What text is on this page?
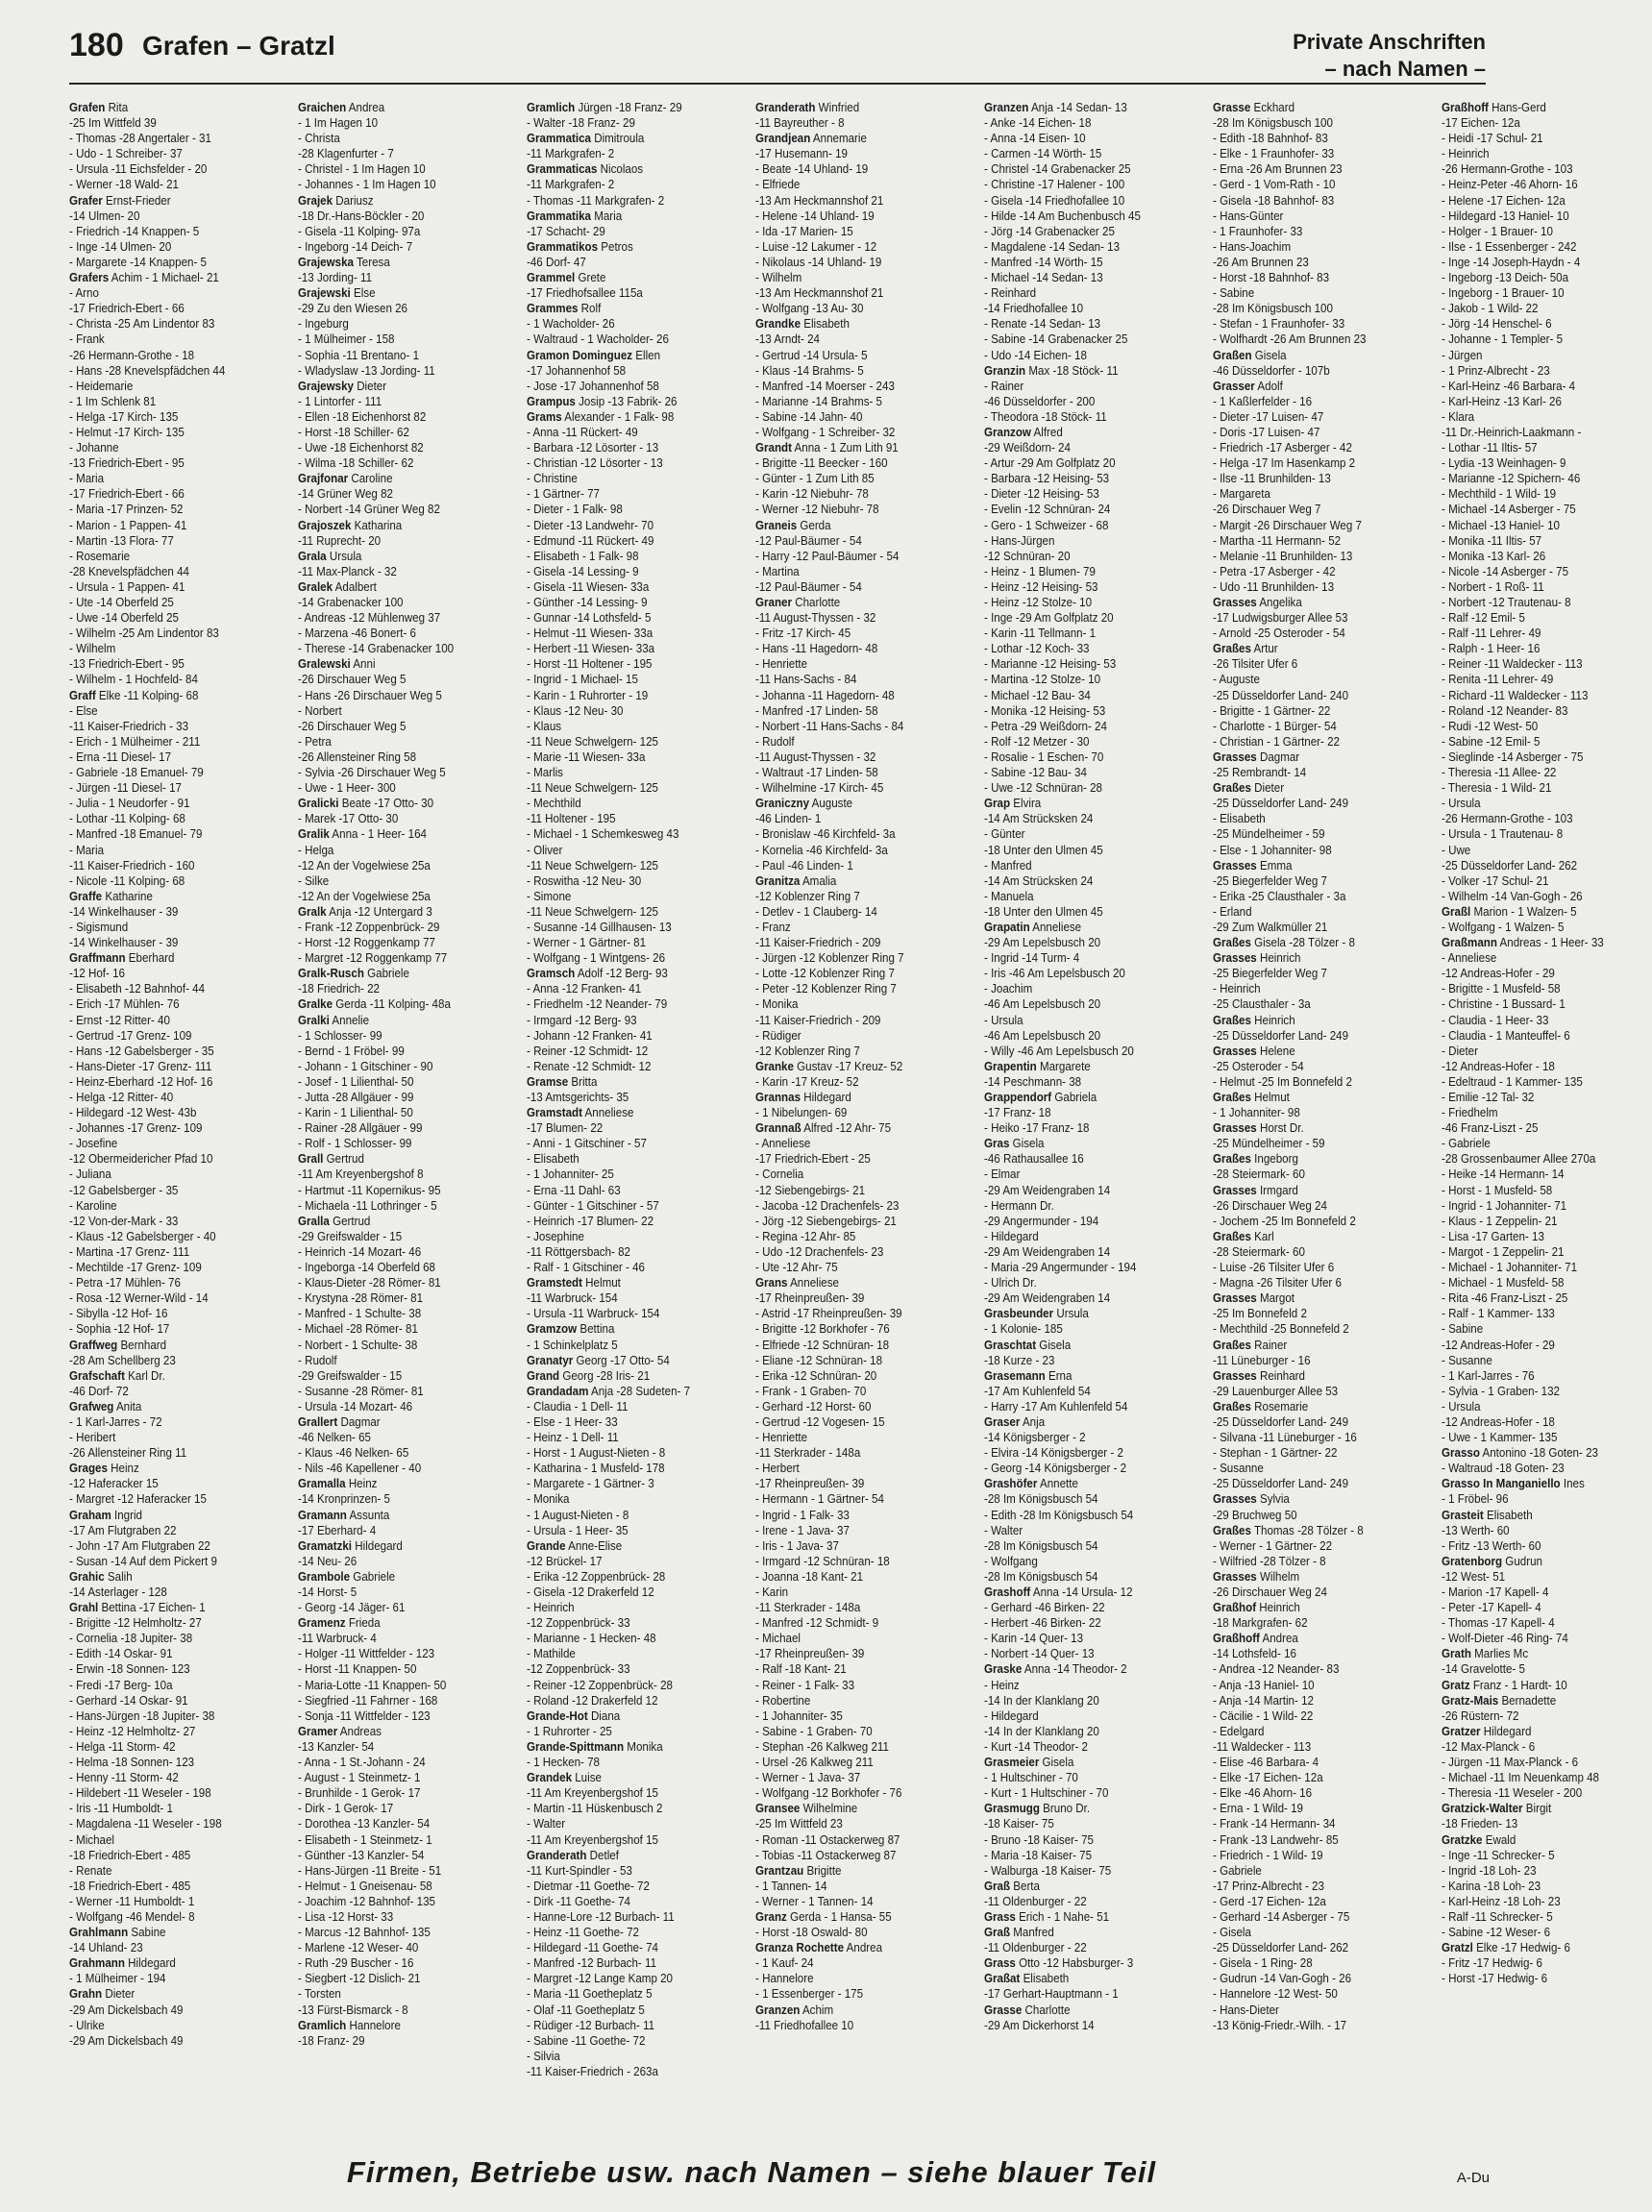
180 Grafen – Gratzl	Private Anschriften
– nach Namen –
Grafen Rita
-25 Im Wittfeld 39
- Thomas -28 Angertaler - 31
- Udo - 1 Schreiber- 37
- Ursula -11 Eichsfelder - 20
- Werner -18 Wald- 21
Grafer Ernst-Frieder
-14 Ulmen- 20
- Friedrich -14 Knappen- 5
- Inge -14 Ulmen- 20
- Margarete -14 Knappen- 5
Grafers Achim - 1 Michael- 21
- Arno
-17 Friedrich-Ebert - 66
- Christa -25 Am Lindentor 83
- Frank
-26 Hermann-Grothe - 18
- Hans -28 Knevelspfädchen 44
- Heidemarie
- 1 Im Schlenk 81
- Helga -17 Kirch- 135
- Helmut -17 Kirch- 135
- Johanne
-13 Friedrich-Ebert - 95
- Maria
-17 Friedrich-Ebert - 66
- Maria -17 Prinzen- 52
- Marion - 1 Pappen- 41
- Martin -13 Flora- 77
- Rosemarie
-28 Knevelspfädchen 44
- Ursula - 1 Pappen- 41
- Ute -14 Oberfeld 25
- Uwe -14 Oberfeld 25
- Wilhelm -25 Am Lindentor 83
- Wilhelm
-13 Friedrich-Ebert - 95
- Wilhelm - 1 Hochfeld- 84
Graff Elke -11 Kolping- 68
- Else
-11 Kaiser-Friedrich - 33
- Erich - 1 Mülheimer - 211
- Erna -11 Diesel- 17
- Gabriele -18 Emanuel- 79
- Jürgen -11 Diesel- 17
- Julia - 1 Neudorfer - 91
- Lothar -11 Kolping- 68
- Manfred -18 Emanuel- 79
- Maria
-11 Kaiser-Friedrich - 160
- Nicole -11 Kolping- 68
Graffe Katharine
-14 Winkelhauser - 39
- Sigismund
-14 Winkelhauser - 39
Graffmann Eberhard
-12 Hof- 16
- Elisabeth -12 Bahnhof- 44
- Erich -17 Mühlen- 76
- Ernst -12 Ritter- 40
- Gertrud -17 Grenz- 109
- Hans -12 Gabelsberger - 35
- Hans-Dieter -17 Grenz- 111
- Heinz-Eberhard -12 Hof- 16
- Helga -12 Ritter- 40
- Hildegard -12 West- 43b
- Johannes -17 Grenz- 109
- Josefine
-12 Obermeidericher Pfad 10
- Juliana
-12 Gabelsberger - 35
- Karoline
-12 Von-der-Mark - 33
- Klaus -12 Gabelsberger - 40
- Martina -17 Grenz- 111
- Mechtilde -17 Grenz- 109
- Petra -17 Mühlen- 76
- Rosa -12 Werner-Wild - 14
- Sibylla -12 Hof- 16
- Sophia -12 Hof- 17
Graffweg Bernhard
-28 Am Schellberg 23
Grafschaft Karl Dr.
-46 Dorf- 72
Grafweg Anita
- 1 Karl-Jarres - 72
- Heribert
-26 Allensteiner Ring 11
Grages Heinz
-12 Haferacker 15
- Margret -12 Haferacker 15
Graham Ingrid
-17 Am Flutgraben 22
- John -17 Am Flutgraben 22
- Susan -14 Auf dem Pickert 9
Grahic Salih
-14 Asterlager - 128
Grahl Bettina -17 Eichen- 1
- Brigitte -12 Helmholtz- 27
- Cornelia -18 Jupiter- 38
- Edith -14 Oskar- 91
- Erwin -18 Sonnen- 123
- Fredi -17 Berg- 10a
- Gerhard -14 Oskar- 91
- Hans-Jürgen -18 Jupiter- 38
- Heinz -12 Helmholtz- 27
- Helga -11 Storm- 42
- Helma -18 Sonnen- 123
- Henny -11 Storm- 42
- Hildebert -11 Weseler - 198
- Iris -11 Humboldt- 1
- Magdalena -11 Weseler - 198
- Michael
-18 Friedrich-Ebert - 485
- Renate
-18 Friedrich-Ebert - 485
- Werner -11 Humboldt- 1
- Wolfgang -46 Mendel- 8
Grahlmann Sabine
-14 Uhland- 23
Grahmann Hildegard
- 1 Mülheimer - 194
Grahn Dieter
-29 Am Dickelsbach 49
- Ulrike
-29 Am Dickelsbach 49
Graichen Andrea
- 1 Im Hagen 10
- Christa
-28 Klagenfurter - 7
- Christel - 1 Im Hagen 10
- Johannes - 1 Im Hagen 10
Grajek Dariusz
-18 Dr.-Hans-Böckler - 20
- Gisela -11 Kolping- 97a
- Ingeborg -14 Deich- 7
Grajewska Teresa
-13 Jording- 11
Grajewski Else
-29 Zu den Wiesen 26
- Ingeburg
- 1 Mülheimer - 158
- Sophia -11 Brentano- 1
- Wladyslaw -13 Jording- 11
Grajewsky Dieter
- 1 Lintorfer - 111
- Ellen -18 Eichenhorst 82
- Horst -18 Schiller- 62
- Uwe -18 Eichenhorst 82
- Wilma -18 Schiller- 62
Grajfonar Caroline
-14 Grüner Weg 82
- Norbert -14 Grüner Weg 82
Grajoszek Katharina
-11 Ruprecht- 20
Grala Ursula
-11 Max-Planck - 32
Gralek Adalbert
-14 Grabenacker 100
- Andreas -12 Mühlenweg 37
- Marzena -46 Bonert- 6
- Therese -14 Grabenacker 100
Gralewski Anni
-26 Dirschauer Weg 5
- Hans -26 Dirschauer Weg 5
- Norbert
-26 Dirschauer Weg 5
- Petra
-26 Allensteiner Ring 58
- Sylvia -26 Dirschauer Weg 5
- Uwe - 1 Heer- 300
Gralicki Beate -17 Otto- 30
- Marek -17 Otto- 30
Gralik Anna - 1 Heer- 164
- Helga
-12 An der Vogelwiese 25a
- Silke
-12 An der Vogelwiese 25a
Gralk Anja -12 Untergard 3
- Frank -12 Zoppenbrück- 29
- Horst -12 Roggenkamp 77
- Margret -12 Roggenkamp 77
Gralk-Rusch Gabriele
-18 Friedrich- 22
Gralke Gerda -11 Kolping- 48a
Gralki Annelie
- 1 Schlosser- 99
- Bernd - 1 Fröbel- 99
- Johann - 1 Gitschiner - 90
- Josef - 1 Lilienthal- 50
- Jutta -28 Allgäuer - 99
- Karin - 1 Lilienthal- 50
- Rainer -28 Allgäuer - 99
- Rolf - 1 Schlosser- 99
Grall Gertrud
-11 Am Kreyenbergshof 8
- Hartmut -11 Kopernikus- 95
- Michaela -11 Lothringer - 5
Gralla Gertrud
-29 Greifswalder - 15
- Heinrich -14 Mozart- 46
- Ingeborga -14 Oberfeld 68
- Klaus-Dieter -28 Römer- 81
- Krystyna -28 Römer- 81
- Manfred - 1 Schulte- 38
- Michael -28 Römer- 81
- Norbert - 1 Schulte- 38
- Rudolf
-29 Greifswalder - 15
- Susanne -28 Römer- 81
- Ursula -14 Mozart- 46
Grallert Dagmar
-46 Nelken- 65
- Klaus -46 Nelken- 65
- Nils -46 Kapellener - 40
Gramalla Heinz
-14 Kronprinzen- 5
Gramann Assunta
-17 Eberhard- 4
Gramatzki Hildegard
-14 Neu- 26
Grambole Gabriele
-14 Horst- 5
- Georg -14 Jäger- 61
Gramenz Frieda
-11 Warbruck- 4
- Holger -11 Wittfelder - 123
- Horst -11 Knappen- 50
- Maria-Lotte -11 Knappen- 50
- Siegfried -11 Fahrner - 168
- Sonja -11 Wittfelder - 123
Gramer Andreas
-13 Kanzler- 54
- Anna - 1 St.-Johann - 24
- August - 1 Steinmetz- 1
- Brunhilde - 1 Gerok- 17
- Dirk - 1 Gerok- 17
- Dorothea -13 Kanzler- 54
- Elisabeth - 1 Steinmetz- 1
- Günther -13 Kanzler- 54
- Hans-Jürgen -11 Breite - 51
- Helmut - 1 Gneisenau- 58
- Joachim -12 Bahnhof- 135
- Lisa -12 Horst- 33
- Marcus -12 Bahnhof- 135
- Marlene -12 Weser- 40
- Ruth -29 Buscher - 16
- Siegbert -12 Dislich- 21
- Torsten
-13 Fürst-Bismarck - 8
Gramlich Hannelore
-18 Franz- 29
Gramlich Jürgen -18 Franz- 29
- Walter -18 Franz- 29
Grammatica Dimitroula
-11 Markgrafen- 2
Grammaticas Nicolaos
-11 Markgrafen- 2
- Thomas -11 Markgrafen- 2
Grammatika Maria
-17 Schacht- 29
Grammatikos Petros
-46 Dorf- 47
Grammel Grete
-17 Friedhofsallee 115a
Grammes Rolf
- 1 Wacholder- 26
- Waltraud - 1 Wacholder- 26
Gramon Dominguez Ellen
-17 Johannenhof 58
- Jose -17 Johannenhof 58
Grampus Josip -13 Fabrik- 26
Grams Alexander - 1 Falk- 98
- Anna -11 Rückert- 49
- Barbara -12 Lösorter - 13
- Christian -12 Lösorter - 13
- Christine
- 1 Gärtner- 77
- Dieter - 1 Falk- 98
- Dieter -13 Landwehr- 70
- Edmund -11 Rückert- 49
- Elisabeth - 1 Falk- 98
- Gisela -14 Lessing- 9
- Gisela -11 Wiesen- 33a
- Günther -14 Lessing- 9
- Gunnar -14 Lothsfeld- 5
- Helmut -11 Wiesen- 33a
- Herbert -11 Wiesen- 33a
- Horst -11 Holtener - 195
- Ingrid - 1 Michael- 15
- Karin - 1 Ruhrorter - 19
- Klaus -12 Neu- 30
- Klaus
-11 Neue Schwelgern- 125
- Marie -11 Wiesen- 33a
- Marlis
-11 Neue Schwelgern- 125
- Mechthild
-11 Holtener - 195
- Michael - 1 Schemkesweg 43
- Oliver
-11 Neue Schwelgern- 125
- Roswitha -12 Neu- 30
- Simone
-11 Neue Schwelgern- 125
- Susanne -14 Gillhausen- 13
- Werner - 1 Gärtner- 81
- Wolfgang - 1 Wintgens- 26
Gramsch Adolf -12 Berg- 93
- Anna -12 Franken- 41
- Friedhelm -12 Neander- 79
- Irmgard -12 Berg- 93
- Johann -12 Franken- 41
- Reiner -12 Schmidt- 12
- Renate -12 Schmidt- 12
Gramse Britta
-13 Amtsgerichts- 35
Gramstadt Anneliese
-17 Blumen- 22
- Anni - 1 Gitschiner - 57
- Elisabeth
- 1 Johanniter- 25
- Erna -11 Dahl- 63
- Günter - 1 Gitschiner - 57
- Heinrich -17 Blumen- 22
- Josephine
-11 Röttgersbach- 82
- Ralf - 1 Gitschiner - 46
Gramstedt Helmut
-11 Warbruck- 154
- Ursula -11 Warbruck- 154
Gramzow Bettina
- 1 Schinkelplatz 5
Granatyr Georg -17 Otto- 54
Grand Georg -28 Iris- 21
Grandadam Anja -28 Sudeten- 7
- Claudia - 1 Dell- 11
- Else - 1 Heer- 33
- Heinz - 1 Dell- 11
- Horst - 1 August-Nieten - 8
- Katharina - 1 Musfeld- 178
- Margarete - 1 Gärtner- 3
- Monika
- 1 August-Nieten - 8
- Ursula - 1 Heer- 35
Grande Anne-Elise
-12 Brückel- 17
- Erika -12 Zoppenbrück- 28
- Gisela -12 Drakerfeld 12
- Heinrich
-12 Zoppenbrück- 33
- Marianne - 1 Hecken- 48
- Mathilde
-12 Zoppenbrück- 33
- Reiner -12 Zoppenbrück- 28
- Roland -12 Drakerfeld 12
Grande-Hot Diana
- 1 Ruhrorter - 25
Grande-Spittmann Monika
- 1 Hecken- 78
Grandek Luise
-11 Am Kreyenbergshof 15
- Martin -11 Hüskenbusch 2
- Walter
-11 Am Kreyenbergshof 15
Granderath Detlef
-11 Kurt-Spindler - 53
- Dietmar -11 Goethe- 72
- Dirk -11 Goethe- 74
- Hanne-Lore -12 Burbach- 11
- Heinz -11 Goethe- 72
- Hildegard -11 Goethe- 74
- Manfred -12 Burbach- 11
- Margret -12 Lange Kamp 20
- Maria -11 Goetheplatz 5
- Olaf -11 Goetheplatz 5
- Rüdiger -12 Burbach- 11
- Sabine -11 Goethe- 72
- Silvia
-11 Kaiser-Friedrich - 263a
Granderath Winfried
-11 Bayreuther - 8
Grandjean Annemarie
-17 Husemann- 19
- Beate -14 Uhland- 19
- Elfriede
-13 Am Heckmannshof 21
- Helene -14 Uhland- 19
- Ida -17 Marien- 15
- Luise -12 Lakumer - 12
- Nikolaus -14 Uhland- 19
- Wilhelm
-13 Am Heckmannshof 21
- Wolfgang -13 Au- 30
Grandke Elisabeth
-13 Arndt- 24
- Gertrud -14 Ursula- 5
- Klaus -14 Brahms- 5
- Manfred -14 Moerser - 243
- Marianne -14 Brahms- 5
- Sabine -14 Jahn- 40
- Wolfgang - 1 Schreiber- 32
Grandt Anna - 1 Zum Lith 91
- Brigitte -11 Beecker - 160
- Günter - 1 Zum Lith 85
- Karin -12 Niebuhr- 78
- Werner -12 Niebuhr- 78
Graneis Gerda
-12 Paul-Bäumer - 54
- Harry -12 Paul-Bäumer - 54
- Martina
-12 Paul-Bäumer - 54
Graner Charlotte
-11 August-Thyssen - 32
- Fritz -17 Kirch- 45
- Hans -11 Hagedorn- 48
- Henriette
-11 Hans-Sachs - 84
- Johanna -11 Hagedorn- 48
- Manfred -17 Linden- 58
- Norbert -11 Hans-Sachs - 84
- Rudolf
-11 August-Thyssen - 32
- Waltraut -17 Linden- 58
- Wilhelmine -17 Kirch- 45
Graniczny Auguste
-46 Linden- 1
- Bronislaw -46 Kirchfeld- 3a
- Kornelia -46 Kirchfeld- 3a
- Paul -46 Linden- 1
Granitza Amalia
-12 Koblenzer Ring 7
- Detlev - 1 Clauberg- 14
- Franz
-11 Kaiser-Friedrich - 209
- Jürgen -12 Koblenzer Ring 7
- Lotte -12 Koblenzer Ring 7
- Peter -12 Koblenzer Ring 7
- Monika
-11 Kaiser-Friedrich - 209
- Rüdiger
-12 Koblenzer Ring 7
Granke Gustav -17 Kreuz- 52
- Karin -17 Kreuz- 52
Grannas Hildegard
- 1 Nibelungen- 69
Grannaß Alfred -12 Ahr- 75
- Anneliese
-17 Friedrich-Ebert - 25
- Cornelia
-12 Siebengebirgs- 21
- Jacoba -12 Drachenfels- 23
- Jörg -12 Siebengebirgs- 21
- Regina -12 Ahr- 85
- Udo -12 Drachenfels- 23
- Ute -12 Ahr- 75
Grans Anneliese
-17 Rheinpreußen- 39
- Astrid -17 Rheinpreußen- 39
- Brigitte -12 Borkhofer - 76
- Elfriede -12 Schnüran- 18
- Eliane -12 Schnüran- 18
- Erika -12 Schnüran- 20
- Frank - 1 Graben- 70
- Gerhard -12 Horst- 60
- Gertrud -12 Vogesen- 15
- Henriette
-11 Sterkrader - 148a
- Herbert
-17 Rheinpreußen- 39
- Hermann - 1 Gärtner- 54
- Ingrid - 1 Falk- 33
- Irene - 1 Java- 37
- Iris - 1 Java- 37
- Irmgard -12 Schnüran- 18
- Joanna -18 Kant- 21
- Karin
-11 Sterkrader - 148a
- Manfred -12 Schmidt- 9
- Michael
-17 Rheinpreußen- 39
- Ralf -18 Kant- 21
- Reiner - 1 Falk- 33
- Robertine
- 1 Johanniter- 35
- Sabine - 1 Graben- 70
- Stephan -26 Kalkweg 211
- Ursel -26 Kalkweg 211
- Werner - 1 Java- 37
- Wolfgang -12 Borkhofer - 76
Gransee Wilhelmine
-25 Im Wittfeld 23
- Roman -11 Ostackerweg 87
- Tobias -11 Ostackerweg 87
Grantzau Brigitte
- 1 Tannen- 14
- Werner - 1 Tannen- 14
Granz Gerda - 1 Hansa- 55
- Horst -18 Oswald- 80
Granza Rochette Andrea
- 1 Kauf- 24
- Hannelore
- 1 Essenberger - 175
Granzen Achim
-11 Friedhofallee 10
Granzen Anja -14 Sedan- 13
- Anke -14 Eichen- 18
- Anna -14 Eisen- 10
- Carmen -14 Wörth- 15
- Christel -14 Grabenacker 25
- Christine -17 Halener - 100
- Gisela -14 Friedhofallee 10
- Hilde -14 Am Buchenbusch 45
- Jörg -14 Grabenacker 25
- Magdalene -14 Sedan- 13
- Manfred -14 Wörth- 15
- Michael -14 Sedan- 13
- Reinhard
-14 Friedhofallee 10
- Renate -14 Sedan- 13
- Sabine -14 Grabenacker 25
- Udo -14 Eichen- 18
Granzin Max -18 Stöck- 11
- Rainer
-46 Düsseldorfer - 200
- Theodora -18 Stöck- 11
Granzow Alfred
-29 Weißdorn- 24
- Artur -29 Am Golfplatz 20
- Barbara -12 Heising- 53
- Dieter -12 Heising- 53
- Evelin -12 Schnüran- 24
- Gero - 1 Schweizer - 68
- Hans-Jürgen
-12 Schnüran- 20
- Heinz - 1 Blumen- 79
- Heinz -12 Heising- 53
- Heinz -12 Stolze- 10
- Inge -29 Am Golfplatz 20
- Karin -11 Tellmann- 1
- Lothar -12 Koch- 33
- Marianne -12 Heising- 53
- Martina -12 Stolze- 10
- Michael -12 Bau- 34
- Monika -12 Heising- 53
- Petra -29 Weißdorn- 24
- Rolf -12 Metzer - 30
- Rosalie - 1 Eschen- 70
- Sabine -12 Bau- 34
- Uwe -12 Schnüran- 28
Grap Elvira
-14 Am Strücksken 24
- Günter
-18 Unter den Ulmen 45
- Manfred
-14 Am Strücksken 24
- Manuela
-18 Unter den Ulmen 45
Grapatin Anneliese
-29 Am Lepelsbusch 20
- Ingrid -14 Turm- 4
- Iris -46 Am Lepelsbusch 20
- Joachim
-46 Am Lepelsbusch 20
- Ursula
-46 Am Lepelsbusch 20
- Willy -46 Am Lepelsbusch 20
Grapentin Margarete
-14 Peschmann- 38
Grappendorf Gabriela
-17 Franz- 18
- Heiko -17 Franz- 18
Gras Gisela
-46 Rathausallee 16
- Elmar
-29 Am Weidengraben 14
- Hermann Dr.
-29 Angermunder - 194
- Hildegard
-29 Am Weidengraben 14
- Maria -29 Angermunder - 194
- Ulrich Dr.
-29 Am Weidengraben 14
Grasbeunder Ursula
- 1 Kolonie- 185
Graschtat Gisela
-18 Kurze - 23
Grasemann Erna
-17 Am Kuhlenfeld 54
- Harry -17 Am Kuhlenfeld 54
Graser Anja
-14 Königsberger - 2
- Elvira -14 Königsberger - 2
- Georg -14 Königsberger - 2
Grashöfer Annette
-28 Im Königsbusch 54
- Edith -28 Im Königsbusch 54
- Walter
-28 Im Königsbusch 54
- Wolfgang
-28 Im Königsbusch 54
Grashoff Anna -14 Ursula- 12
- Gerhard -46 Birken- 22
- Herbert -46 Birken- 22
- Karin -14 Quer- 13
- Norbert -14 Quer- 13
Graske Anna -14 Theodor- 2
- Heinz
-14 In der Klanklang 20
- Hildegard
-14 In der Klanklang 20
- Kurt -14 Theodor- 2
Grasmeier Gisela
- 1 Hultschiner - 70
- Kurt - 1 Hultschiner - 70
Grasmugg Bruno Dr.
-18 Kaiser- 75
- Bruno -18 Kaiser- 75
- Maria -18 Kaiser- 75
- Walburga -18 Kaiser- 75
Graß Berta
-11 Oldenburger - 22
Grass Erich - 1 Nahe- 51
Graß Manfred
-11 Oldenburger - 22
Grass Otto -12 Habsburger- 3
Graßat Elisabeth
-17 Gerhart-Hauptmann - 1
Grasse Charlotte
-29 Am Dickerhorst 14
Grasse Eckhard
-28 Im Königsbusch 100
- Edith -18 Bahnhof- 83
- Elke - 1 Fraunhofer- 33
- Erna -26 Am Brunnen 23
- Gerd - 1 Vom-Rath - 10
- Gisela -18 Bahnhof- 83
- Hans-Günter
- 1 Fraunhofer- 33
- Hans-Joachim
-26 Am Brunnen 23
- Horst -18 Bahnhof- 83
- Sabine
-28 Im Königsbusch 100
- Stefan - 1 Fraunhofer- 33
- Wolfhardt -26 Am Brunnen 23
Graßen Gisela
-46 Düsseldorfer - 107b
Grasser Adolf
- 1 Kaßlerfelder - 16
- Dieter -17 Luisen- 47
- Doris -17 Luisen- 47
- Friedrich -17 Asberger - 42
- Helga -17 Im Hasenkamp 2
- Ilse -11 Brunhilden- 13
- Margareta
-26 Dirschauer Weg 7
- Margit -26 Dirschauer Weg 7
- Martha -11 Hermann- 52
- Melanie -11 Brunhilden- 13
- Petra -17 Asberger - 42
- Udo -11 Brunhilden- 13
Grasses Angelika
-17 Ludwigsburger Allee 53
- Arnold -25 Osteroder - 54
Graßes Artur
-26 Tilsiter Ufer 6
- Auguste
-25 Düsseldorfer Land- 240
- Brigitte - 1 Gärtner- 22
- Charlotte - 1 Bürger- 54
- Christian - 1 Gärtner- 22
Grasses Dagmar
-25 Rembrandt- 14
Graßes Dieter
-25 Düsseldorfer Land- 249
- Elisabeth
-25 Mündelheimer - 59
- Else - 1 Johanniter- 98
Grasses Emma
-25 Biegerfelder Weg 7
- Erika -25 Clausthaler - 3a
- Erland
-29 Zum Walkmüller 21
Graßes Gisela -28 Tölzer - 8
Grasses Heinrich
-25 Biegerfelder Weg 7
- Heinrich
-25 Clausthaler - 3a
Graßes Heinrich
-25 Düsseldorfer Land- 249
Grasses Helene
-25 Osteroder - 54
- Helmut -25 Im Bonnefeld 2
Graßes Helmut
- 1 Johanniter- 98
Grasses Horst Dr.
-25 Mündelheimer - 59
Graßes Ingeborg
-28 Steiermark- 60
Grasses Irmgard
-26 Dirschauer Weg 24
- Jochem -25 Im Bonnefeld 2
Graßes Karl
-28 Steiermark- 60
- Luise -26 Tilsiter Ufer 6
- Magna -26 Tilsiter Ufer 6
Grasses Margot
-25 Im Bonnefeld 2
- Mechthild -25 Bonnefeld 2
Graßes Rainer
-11 Lüneburger - 16
Grasses Reinhard
-29 Lauenburger Allee 53
Graßes Rosemarie
-25 Düsseldorfer Land- 249
- Silvana -11 Lüneburger - 16
- Stephan - 1 Gärtner- 22
- Susanne
-25 Düsseldorfer Land- 249
Grasses Sylvia
-29 Bruchweg 50
Graßes Thomas -28 Tölzer - 8
- Werner - 1 Gärtner- 22
- Wilfried -28 Tölzer - 8
Grasses Wilhelm
-26 Dirschauer Weg 24
Graßhof Heinrich
-18 Markgrafen- 62
Graßhoff Andrea
-14 Lothsfeld- 16
- Andrea -12 Neander- 83
- Anja -13 Haniel- 10
- Anja -14 Martin- 12
- Cäcilie - 1 Wild- 22
- Edelgard
-11 Waldecker - 113
- Elise -46 Barbara- 4
- Elke -17 Eichen- 12a
- Elke -46 Ahorn- 16
- Erna - 1 Wild- 19
- Frank -14 Hermann- 34
- Frank -13 Landwehr- 85
- Friedrich - 1 Wild- 19
- Gabriele
-17 Prinz-Albrecht - 23
- Gerd -17 Eichen- 12a
- Gerhard -14 Asberger - 75
- Gisela
-25 Düsseldorfer Land- 262
- Gisela - 1 Ring- 28
- Gudrun -14 Van-Gogh - 26
- Hannelore -12 West- 50
- Hans-Dieter
-13 König-Friedr.-Wilh. - 17
Graßhoff Hans-Gerd
-17 Eichen- 12a
- Heidi -17 Schul- 21
- Heinrich
-26 Hermann-Grothe - 103
- Heinz-Peter -46 Ahorn- 16
- Helene -17 Eichen- 12a
- Hildegard -13 Haniel- 10
- Holger - 1 Brauer- 10
- Ilse - 1 Essenberger - 242
- Inge -14 Joseph-Haydn - 4
- Ingeborg -13 Deich- 50a
- Ingeborg - 1 Brauer- 10
- Jakob - 1 Wild- 22
- Jörg -14 Henschel- 6
- Johanne - 1 Templer- 5
- Jürgen
- 1 Prinz-Albrecht - 23
- Karl-Heinz -46 Barbara- 4
- Karl-Heinz -13 Karl- 26
- Klara
-11 Dr.-Heinrich-Laakmann -
- Lothar -11 Iltis- 57
- Lydia -13 Weinhagen- 9
- Marianne -12 Spichern- 46
- Mechthild - 1 Wild- 19
- Michael -14 Asberger - 75
- Michael -13 Haniel- 10
- Monika -11 Iltis- 57
- Monika -13 Karl- 26
- Nicole -14 Asberger - 75
- Norbert - 1 Roß- 11
- Norbert -12 Trautenau- 8
- Ralf -12 Emil- 5
- Ralf -11 Lehrer- 49
- Ralph - 1 Heer- 16
- Reiner -11 Waldecker - 113
- Renita -11 Lehrer- 49
- Richard -11 Waldecker - 113
- Roland -12 Neander- 83
- Rudi -12 West- 50
- Sabine -12 Emil- 5
- Sieglinde -14 Asberger - 75
- Theresia -11 Allee- 22
- Theresia - 1 Wild- 21
- Ursula
-26 Hermann-Grothe - 103
- Ursula - 1 Trautenau- 8
- Uwe
-25 Düsseldorfer Land- 262
- Volker -17 Schul- 21
- Wilhelm -14 Van-Gogh - 26
Graßl Marion - 1 Walzen- 5
- Wolfgang - 1 Walzen- 5
Graßmann Andreas - 1 Heer- 33
- Anneliese
-12 Andreas-Hofer - 29
- Brigitte - 1 Musfeld- 58
- Christine - 1 Bussard- 1
- Claudia - 1 Heer- 33
- Claudia - 1 Manteuffel- 6
- Dieter
-12 Andreas-Hofer - 18
- Edeltraud - 1 Kammer- 135
- Emilie -12 Tal- 32
- Friedhelm
-46 Franz-Liszt - 25
- Gabriele
-28 Grossenbaumer Allee 270a
- Heike -14 Hermann- 14
- Horst - 1 Musfeld- 58
- Ingrid - 1 Johanniter- 71
- Klaus - 1 Zeppelin- 21
- Lisa -17 Garten- 13
- Margot - 1 Zeppelin- 21
- Michael - 1 Johanniter- 71
- Michael - 1 Musfeld- 58
- Rita -46 Franz-Liszt - 25
- Ralf - 1 Kammer- 133
- Sabine
-12 Andreas-Hofer - 29
- Susanne
- 1 Karl-Jarres - 76
- Sylvia - 1 Graben- 132
- Ursula
-12 Andreas-Hofer - 18
- Uwe - 1 Kammer- 135
Grasso Antonino -18 Goten- 23
- Waltraud -18 Goten- 23
Grasso In Manganiello Ines
- 1 Fröbel- 96
Grasteit Elisabeth
-13 Werth- 60
- Fritz -13 Werth- 60
Gratenborg Gudrun
-12 West- 51
- Marion -17 Kapell- 4
- Peter -17 Kapell- 4
- Thomas -17 Kapell- 4
- Wolf-Dieter -46 Ring- 74
Grath Marlies Mc
-14 Gravelotte- 5
Gratz Franz - 1 Hardt- 10
Gratz-Mais Bernadette
-26 Rüstern- 72
Gratzer Hildegard
-12 Max-Planck - 6
- Jürgen -11 Max-Planck - 6
- Michael -11 Im Neuenkamp 48
- Theresia -11 Weseler - 200
Gratzick-Walter Birgit
-18 Frieden- 13
Gratzke Ewald
- Inge -11 Schrecker- 5
- Ingrid -18 Loh- 23
- Karina -18 Loh- 23
- Karl-Heinz -18 Loh- 23
- Ralf -11 Schrecker- 5
- Sabine -12 Weser- 6
Gratzl Elke -17 Hedwig- 6
- Fritz -17 Hedwig- 6
- Horst -17 Hedwig- 6
Firmen, Betriebe usw. nach Namen – siehe blauer Teil	A-Du
